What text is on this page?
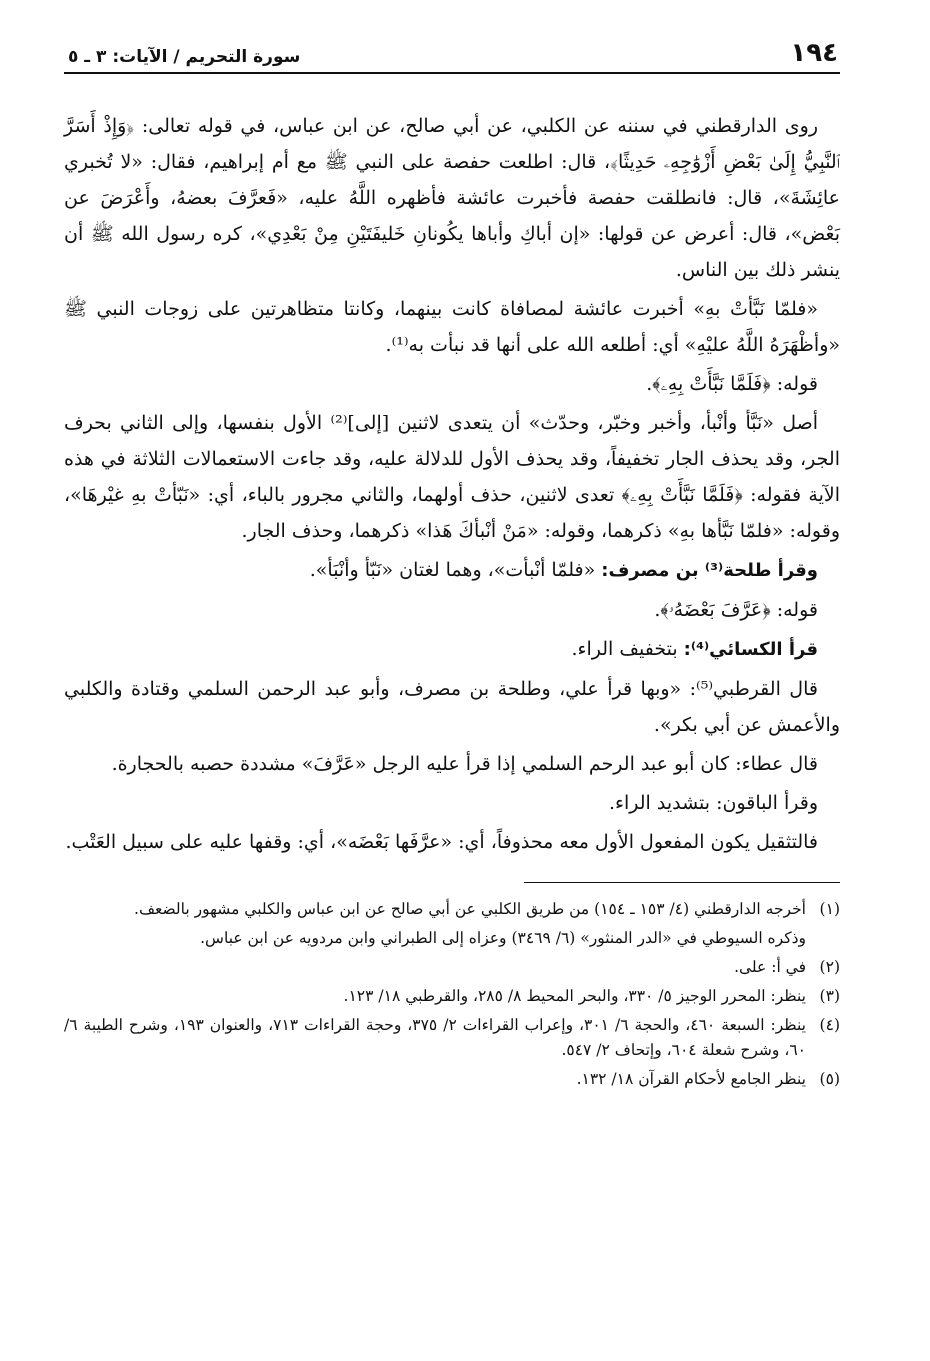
١٩٤
سورة التحريم / الآيات: ٣ ـ ٥

روى الدارقطني في سننه عن الكلبي، عن أبي صالح، عن ابن عباس، في قوله تعالى: ﴿وَإِذْ أَسَرَّ ٱلنَّبِيُّ إِلَىٰ بَعْضِ أَزْوَٰجِهِۦ حَدِيثًا﴾، قال: اطلعت حفصة على النبي ﷺ مع أم إبراهيم، فقال: «لا تُخبري عائِشَةَ»، قال: فانطلقت حفصة فأخبرت عائشة فأظهره اللَّهُ عليه، «فَعرَّفَ بعضهُ، وأَعْرَضَ عن بَعْض»، قال: أعرض عن قولها: «إن أباكِ وأباها يكُونانِ خَليفَتَيْنِ مِنْ بَعْدِي»، كره رسول الله ﷺ أن ينشر ذلك بين الناس.

«فلمّا نَبَّأتْ بهِ» أخبرت عائشة لمصافاة كانت بينهما، وكانتا متظاهرتين على زوجات النبي ﷺ «وأظْهَرَهُ اللَّهُ عليْهِ» أي: أطلعه الله على أنها قد نبأت به⁽¹⁾.

قوله: ﴿فَلَمَّا نَبَّأَتْ بِهِۦ﴾.

أصل «نَبَّأ وأنْبأ، وأخبر وخبّر، وحدّث» أن يتعدى لاثنين [إلى]⁽²⁾ الأول بنفسها، وإلى الثاني بحرف الجر، وقد يحذف الجار تخفيفاً، وقد يحذف الأول للدلالة عليه، وقد جاءت الاستعمالات الثلاثة في هذه الآية فقوله: ﴿فَلَمَّا نَبَّأَتْ بِهِۦ﴾ تعدى لاثنين، حذف أولهما، والثاني مجرور بالباء، أي: «نَبّأتْ بهِ غيْرهَا»، وقوله: «فلمّا نَبَّأها بهِ» ذكرهما، وقوله: «مَنْ أنْبأكَ هَذا» ذكرهما، وحذف الجار.

وقرأ طلحة⁽³⁾ بن مصرف: «فلمّا أنْبأت»، وهما لغتان «نَبّأ وأنْبَأ».

قوله: ﴿عَرَّفَ بَعْضَهُۥ﴾.

قرأ الكسائي⁽⁴⁾: بتخفيف الراء.

قال القرطبي⁽⁵⁾: «وبها قرأ علي، وطلحة بن مصرف، وأبو عبد الرحمن السلمي وقتادة والكلبي والأعمش عن أبي بكر».

قال عطاء: كان أبو عبد الرحم السلمي إذا قرأ عليه الرجل «عَرَّفَ» مشددة حصبه بالحجارة.

وقرأ الباقون: بتشديد الراء.

فالتثقيل يكون المفعول الأول معه محذوفاً، أي: «عرَّفَها بَعْضَه»، أي: وقفها عليه على سبيل العَتْب.

(١)
أخرجه الدارقطني (٤/ ١٥٣ ـ ١٥٤) من طريق الكلبي عن أبي صالح عن ابن عباس والكلبي مشهور بالضعف.
وذكره السيوطي في «الدر المنثور» (٦/ ٣٤٦٩) وعزاه إلى الطبراني وابن مردويه عن ابن عباس.
(٢)
في أ: على.
(٣)
ينظر: المحرر الوجيز ٥/ ٣٣٠، والبحر المحيط ٨/ ٢٨٥، والقرطبي ١٨/ ١٢٣.
(٤)
ينظر: السبعة ٤٦٠، والحجة ٦/ ٣٠١، وإعراب القراءات ٢/ ٣٧٥، وحجة القراءات ٧١٣، والعنوان ١٩٣، وشرح الطيبة ٦/ ٦٠، وشرح شعلة ٦٠٤، وإتحاف ٢/ ٥٤٧.
(٥)
ينظر الجامع لأحكام القرآن ١٨/ ١٣٢.
